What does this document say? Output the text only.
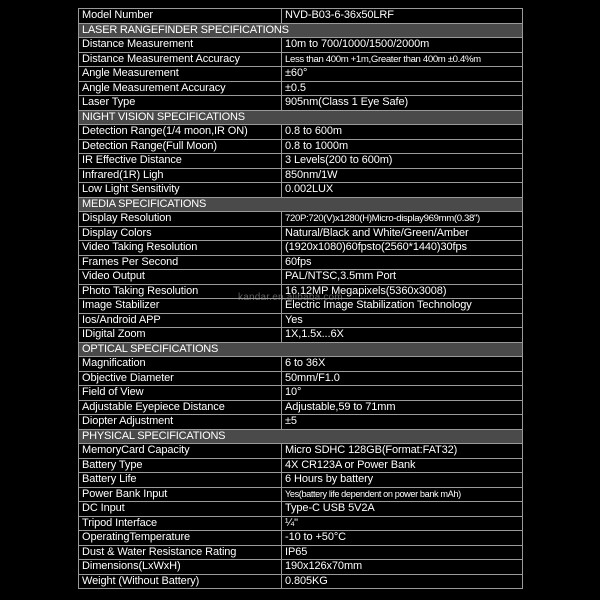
Model Number	NVD-B03-6-36x50LRF
LASER RANGEFINDER SPECIFICATIONS	
Distance Measurement	10m to 700/1000/1500/2000m
Distance Measurement Accuracy	Less than 400m +1m,Greater than 400m ±0.4%m
Angle Measurement	±60°
Angle Measurement Accuracy	±0.5
Laser Type	905nm(Class 1 Eye Safe)
NIGHT VISION SPECIFICATIONS	
Detection Range(1/4 moon,IR ON)	0.8 to 600m
Detection Range(Full Moon)	0.8 to 1000m
IR Effective Distance	3 Levels(200 to 600m)
Infrared(1R) Ligh	850nm/1W
Low Light Sensitivity	0.002LUX
MEDIA SPECIFICATIONS	
Display Resolution	720P:720(V)x1280(H)Micro-display969mm(0.38")
Display Colors	Natural/Black and White/Green/Amber
Video Taking Resolution	(1920x1080)60fpsto(2560*1440)30fps
Frames Per Second	60fps
Video Output	PAL/NTSC,3.5mm Port
Photo Taking Resolution	16.12MP Megapixels(5360x3008)
Image Stabilizer	Electric Image Stabilization Technology
Ios/Android APP	Yes
IDigital Zoom	1X,1.5x...6X
OPTICAL SPECIFICATIONS	
Magnification	6 to 36X
Objective Diameter	50mm/F1.0
Field of View	10°
Adjustable Eyepiece Distance	Adjustable,59 to 71mm
Diopter Adjustment	±5
PHYSICAL SPECIFICATIONS	
MemoryCard Capacity	Micro SDHC 128GB(Format:FAT32)
Battery Type	4X CR123A or Power Bank
Battery Life	6 Hours by battery
Power Bank Input	Yes(battery life dependent on power bank mAh)
DC Input	Type-C USB 5V2A
Tripod Interface	¼"
OperatingTemperature	-10 to +50°C
Dust & Water Resistance Rating	IP65
Dimensions(LxWxH)	190x126x70mm
Weight (Without Battery)	0.805KG
kandar.en.alibaba.com
